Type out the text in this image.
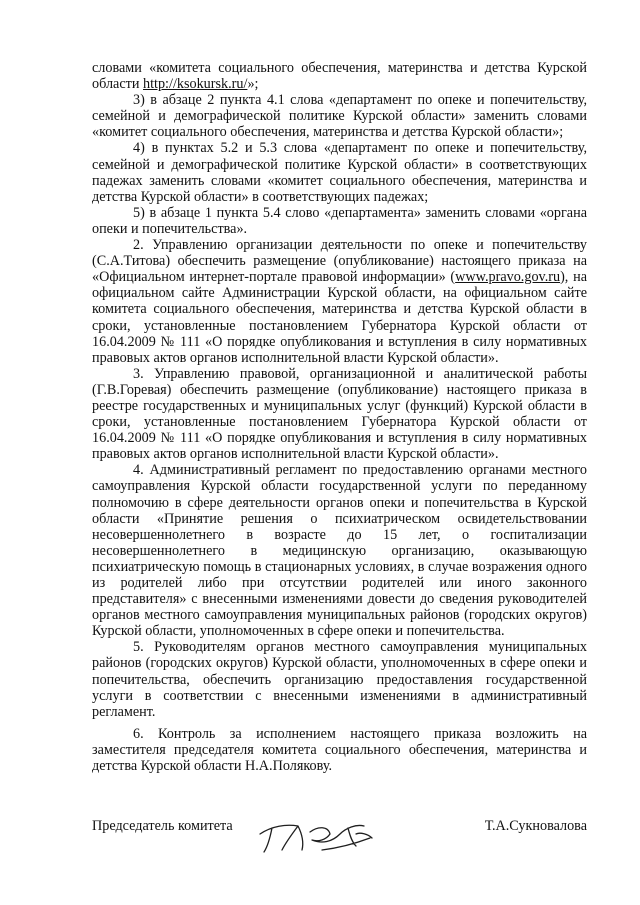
словами «комитета социального обеспечения, материнства и детства Курской области http://ksokursk.ru/»;

3) в абзаце 2 пункта 4.1 слова «департамент по опеке и попечительству, семейной и демографической политике Курской области» заменить словами «комитет социального обеспечения, материнства и детства Курской области»;

4) в пунктах 5.2 и 5.3 слова «департамент по опеке и попечительству, семейной и демографической политике Курской области» в соответствующих падежах заменить словами «комитет социального обеспечения, материнства и детства Курской области» в соответствующих падежах;

5) в абзаце 1 пункта 5.4 слово «департамента» заменить словами «органа опеки и попечительства».

2. Управлению организации деятельности по опеке и попечительству (С.А.Титова) обеспечить размещение (опубликование) настоящего приказа на «Официальном интернет-портале правовой информации» (www.pravo.gov.ru), на официальном сайте Администрации Курской области, на официальном сайте комитета социального обеспечения, материнства и детства Курской области в сроки, установленные постановлением Губернатора Курской области от 16.04.2009 № 111 «О порядке опубликования и вступления в силу нормативных правовых актов органов исполнительной власти Курской области».

3. Управлению правовой, организационной и аналитической работы (Г.В.Горевая) обеспечить размещение (опубликование) настоящего приказа в реестре государственных и муниципальных услуг (функций) Курской области в сроки, установленные постановлением Губернатора Курской области от 16.04.2009 № 111 «О порядке опубликования и вступления в силу нормативных правовых актов органов исполнительной власти Курской области».

4. Административный регламент по предоставлению органами местного самоуправления Курской области государственной услуги по переданному полномочию в сфере деятельности органов опеки и попечительства в Курской области «Принятие решения о психиатрическом освидетельствовании несовершеннолетнего в возрасте до 15 лет, о госпитализации несовершеннолетнего в медицинскую организацию, оказывающую психиатрическую помощь в стационарных условиях, в случае возражения одного из родителей либо при отсутствии родителей или иного законного представителя» с внесенными изменениями довести до сведения руководителей органов местного самоуправления муниципальных районов (городских округов) Курской области, уполномоченных в сфере опеки и попечительства.

5. Руководителям органов местного самоуправления муниципальных районов (городских округов) Курской области, уполномоченных в сфере опеки и попечительства, обеспечить организацию предоставления государственной услуги в соответствии с внесенными изменениями в административный регламент.

6. Контроль за исполнением настоящего приказа возложить на заместителя председателя комитета социального обеспечения, материнства и детства Курской области Н.А.Полякову.

Председатель комитета	Т.А.Сукновалова
